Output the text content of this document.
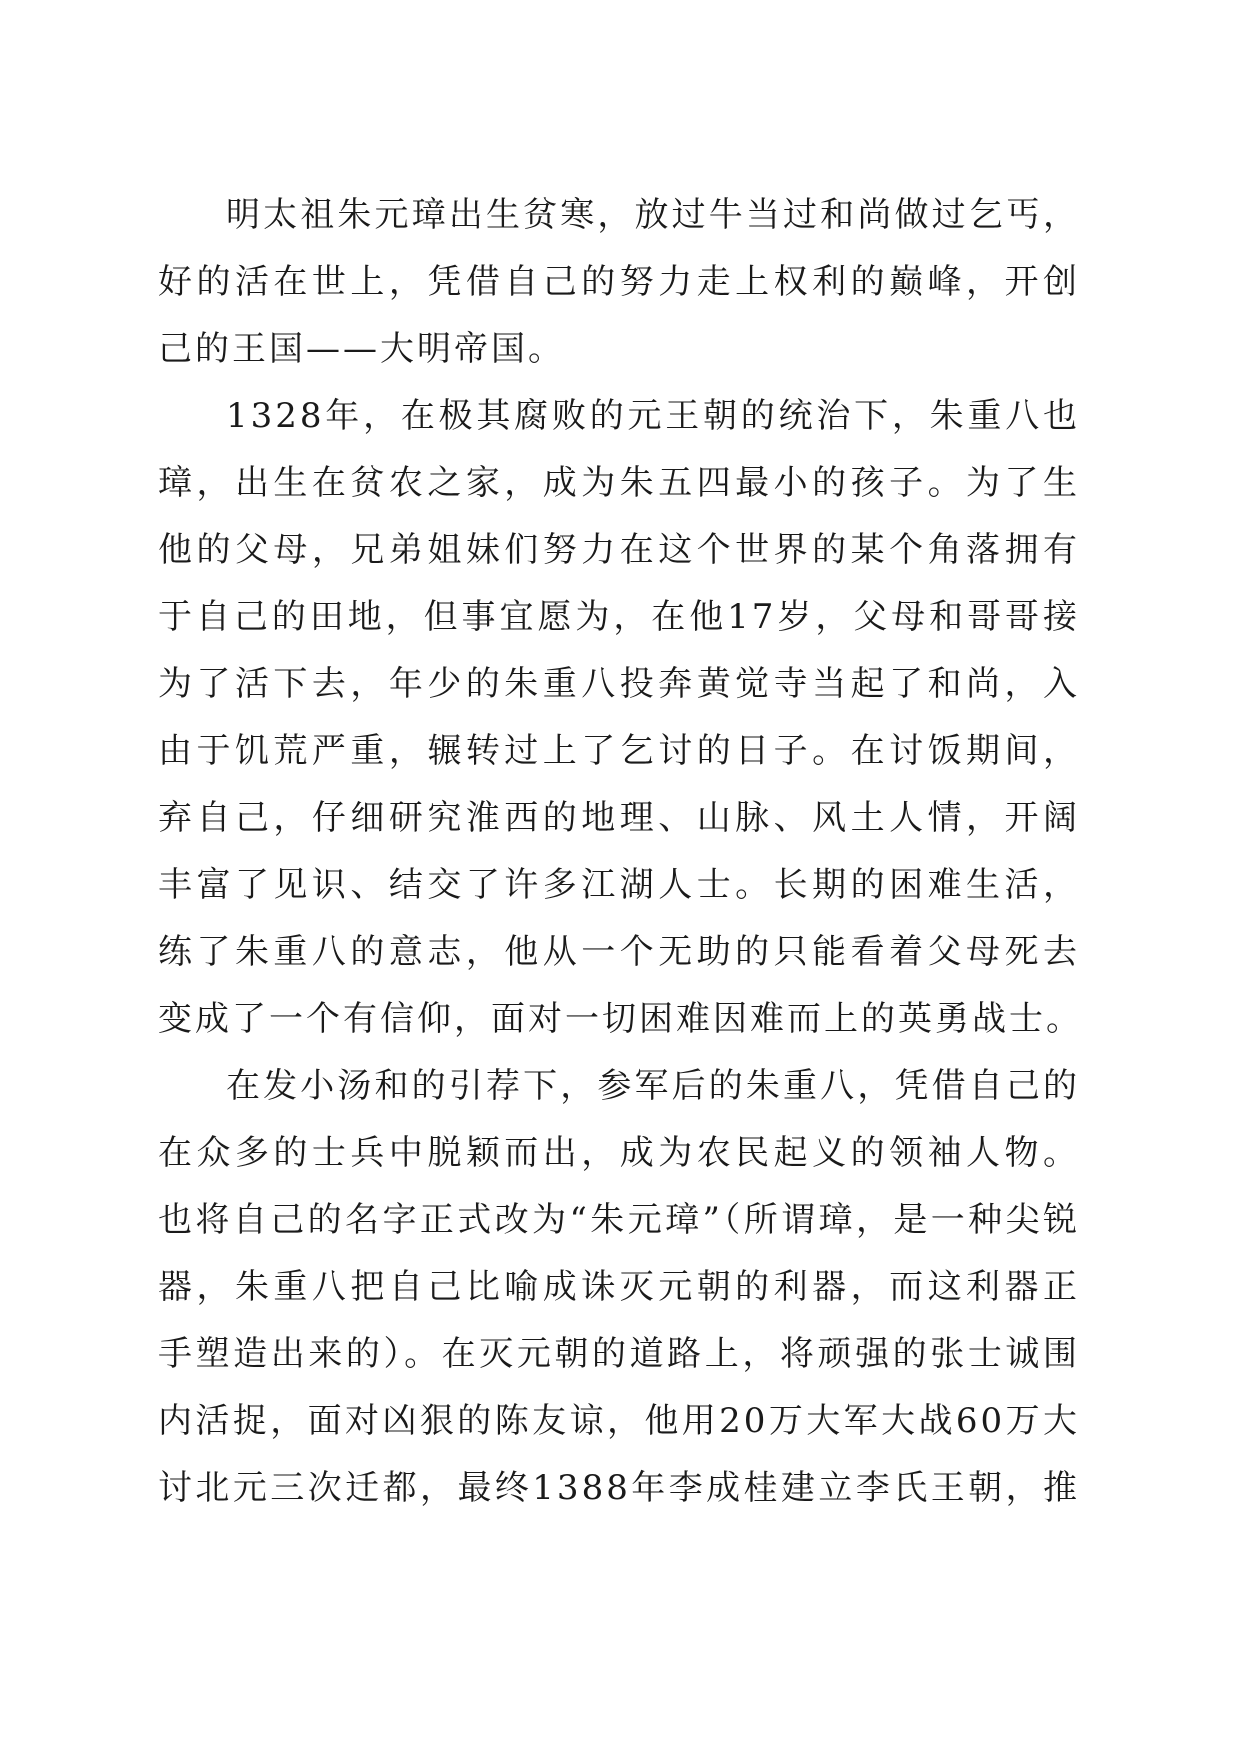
明太祖朱元璋出生贫寒，放过牛当过和尚做过乞丐，
好的活在世上，凭借自己的努力走上权利的巅峰，开创
己的王国——大明帝国。
1328年，在极其腐败的元王朝的统治下，朱重八也
璋，出生在贫农之家，成为朱五四最小的孩子。为了生
他的父母，兄弟姐妹们努力在这个世界的某个角落拥有
于自己的田地，但事宜愿为，在他17岁，父母和哥哥接
为了活下去，年少的朱重八投奔黄觉寺当起了和尚，入
由于饥荒严重，辗转过上了乞讨的日子。在讨饭期间，
弃自己，仔细研究淮西的地理、山脉、风土人情，开阔
丰富了见识、结交了许多江湖人士。长期的困难生活，
练了朱重八的意志，他从一个无助的只能看着父母死去
变成了一个有信仰，面对一切困难因难而上的英勇战士。
在发小汤和的引荐下，参军后的朱重八，凭借自己的
在众多的士兵中脱颖而出，成为农民起义的领袖人物。
也将自己的名字正式改为“朱元璋”（所谓璋，是一种尖锐
器，朱重八把自己比喻成诛灭元朝的利器，而这利器正
手塑造出来的）。在灭元朝的道路上，将顽强的张士诚围
内活捉，面对凶狠的陈友谅，他用20万大军大战60万大
讨北元三次迁都，最终1388年李成桂建立李氏王朝，推
